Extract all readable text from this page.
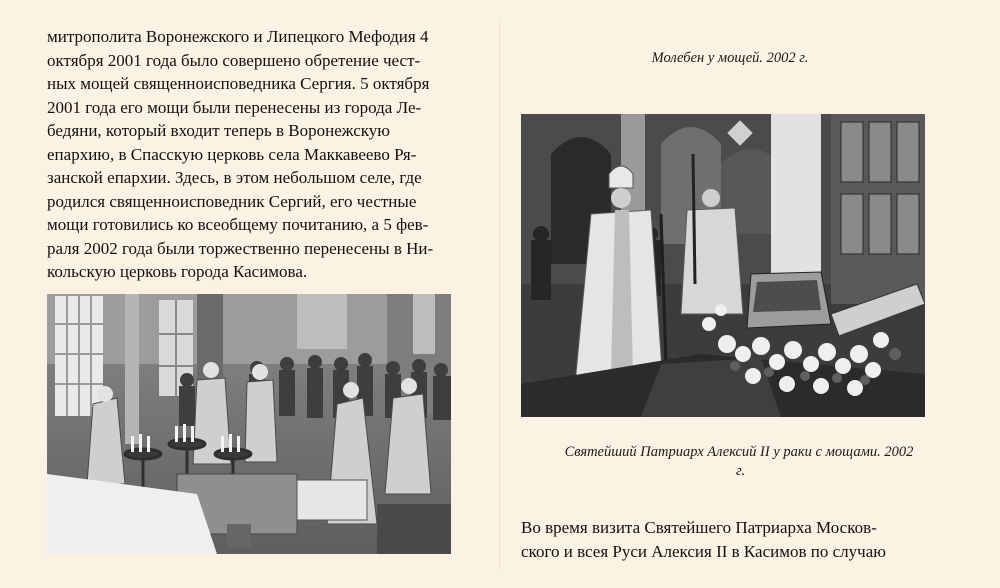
митрополита Воронежского и Липецкого Мефодия 4
октября 2001 года было совершено обретение чест-
ных мощей священноисповедника Сергия. 5 октября
2001 года его мощи были перенесены из города Ле-
бедяни, который входит теперь в Воронежскую
епархию, в Спасскую церковь села Маккавеево Ря-
занской епархии. Здесь, в этом небольшом селе, где
родился священноисповедник Сергий, его честные
мощи готовились ко всеобщему почитанию, а 5 фев-
раля 2002 года были торжественно перенесены в Ни-
кольскую церковь города Касимова.

Молебен у мощей. 2002 г.
Святейший Патриарх Алексий II у раки с мощами. 2002
г.

Во время визита Святейшего Патриарха Москов-
ского и всея Руси Алексия II в Касимов по случаю
